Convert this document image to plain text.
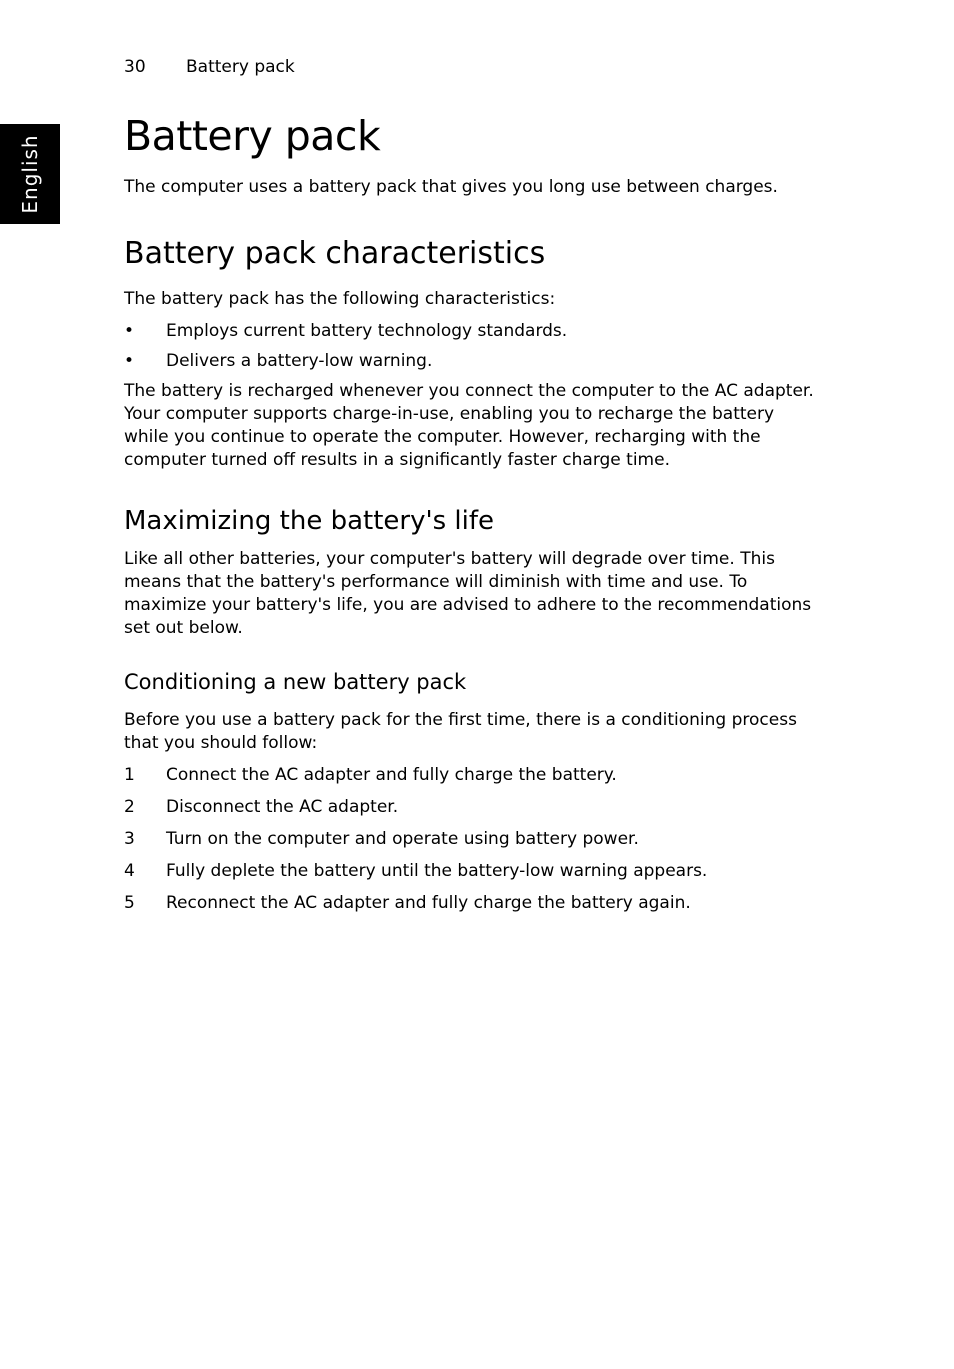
English
30 Battery pack
Battery pack

The computer uses a battery pack that gives you long use between charges.

Battery pack characteristics

The battery pack has the following characteristics:

• Employs current battery technology standards.
• Delivers a battery-low warning.

The battery is recharged whenever you connect the computer to the AC adapter. Your computer supports charge-in-use, enabling you to recharge the battery while you continue to operate the computer. However, recharging with the computer turned off results in a significantly faster charge time.

Maximizing the battery's life

Like all other batteries, your computer's battery will degrade over time. This means that the battery's performance will diminish with time and use. To maximize your battery's life, you are advised to adhere to the recommendations set out below.

Conditioning a new battery pack

Before you use a battery pack for the first time, there is a conditioning process that you should follow:

1 Connect the AC adapter and fully charge the battery.
2 Disconnect the AC adapter.
3 Turn on the computer and operate using battery power.
4 Fully deplete the battery until the battery-low warning appears.
5 Reconnect the AC adapter and fully charge the battery again.
